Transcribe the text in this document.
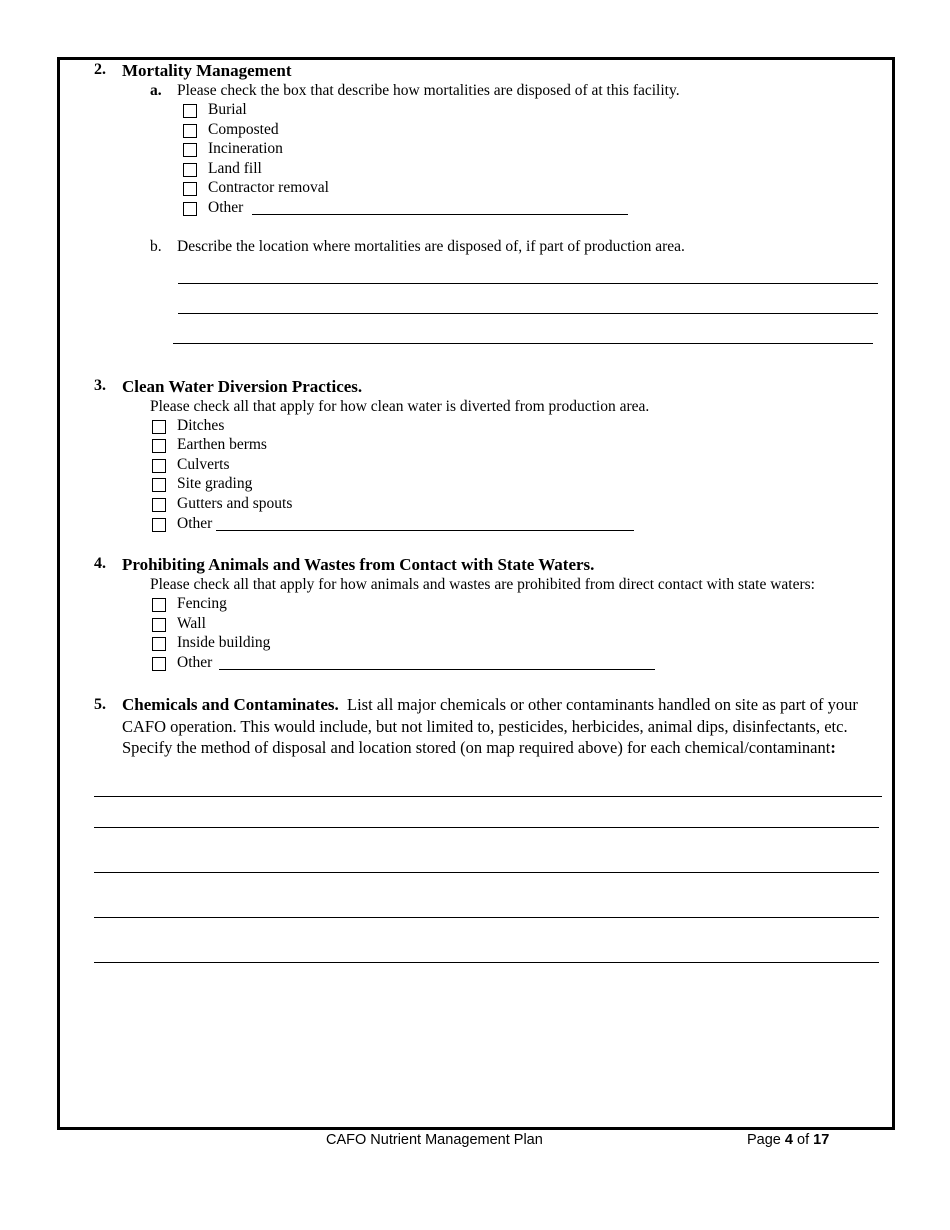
2. Mortality Management
a. Please check the box that describe how mortalities are disposed of at this facility.
Burial
Composted
Incineration
Land fill
Contractor removal
Other
b. Describe the location where mortalities are disposed of, if part of production area.
3. Clean Water Diversion Practices.
Please check all that apply for how clean water is diverted from production area.
Ditches
Earthen berms
Culverts
Site grading
Gutters and spouts
Other
4. Prohibiting Animals and Wastes from Contact with State Waters.
Please check all that apply for how animals and wastes are prohibited from direct contact with state waters:
Fencing
Wall
Inside building
Other
5. Chemicals and Contaminates. List all major chemicals or other contaminants handled on site as part of your CAFO operation. This would include, but not limited to, pesticides, herbicides, animal dips, disinfectants, etc. Specify the method of disposal and location stored (on map required above) for each chemical/contaminant:
CAFO Nutrient Management Plan	Page 4 of 17
